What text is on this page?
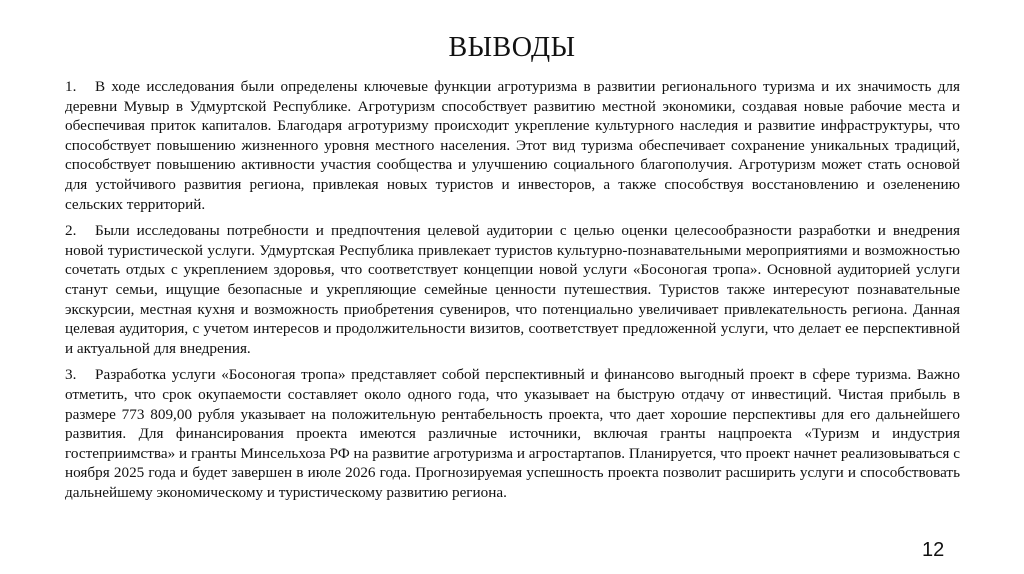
ВЫВОДЫ

1. В ходе исследования были определены ключевые функции агротуризма в развитии регионального туризма и их значимость для деревни Мувыр в Удмуртской Республике. Агротуризм способствует развитию местной экономики, создавая новые рабочие места и обеспечивая приток капиталов. Благодаря агротуризму происходит укрепление культурного наследия и развитие инфраструктуры, что способствует повышению жизненного уровня местного населения. Этот вид туризма обеспечивает сохранение уникальных традиций, способствует повышению активности участия сообщества и улучшению социального благополучия. Агротуризм может стать основой для устойчивого развития региона, привлекая новых туристов и инвесторов, а также способствуя восстановлению и озеленению сельских территорий.

2. Были исследованы потребности и предпочтения целевой аудитории с целью оценки целесообразности разработки и внедрения новой туристической услуги. Удмуртская Республика привлекает туристов культурно-познавательными мероприятиями и возможностью сочетать отдых с укреплением здоровья, что соответствует концепции новой услуги «Босоногая тропа». Основной аудиторией услуги станут семьи, ищущие безопасные и укрепляющие семейные ценности путешествия. Туристов также интересуют познавательные экскурсии, местная кухня и возможность приобретения сувениров, что потенциально увеличивает привлекательность региона. Данная целевая аудитория, с учетом интересов и продолжительности визитов, соответствует предложенной услуги, что делает ее перспективной и актуальной для внедрения.

3. Разработка услуги «Босоногая тропа» представляет собой перспективный и финансово выгодный проект в сфере туризма. Важно отметить, что срок окупаемости составляет около одного года, что указывает на быструю отдачу от инвестиций. Чистая прибыль в размере 773 809,00 рубля указывает на положительную рентабельность проекта, что дает хорошие перспективы для его дальнейшего развития. Для финансирования проекта имеются различные источники, включая гранты нацпроекта «Туризм и индустрия гостеприимства» и гранты Минсельхоза РФ на развитие агротуризма и агростартапов. Планируется, что проект начнет реализовываться с ноября 2025 года и будет завершен в июле 2026 года. Прогнозируемая успешность проекта позволит расширить услуги и способствовать дальнейшему экономическому и туристическому развитию региона.

12
